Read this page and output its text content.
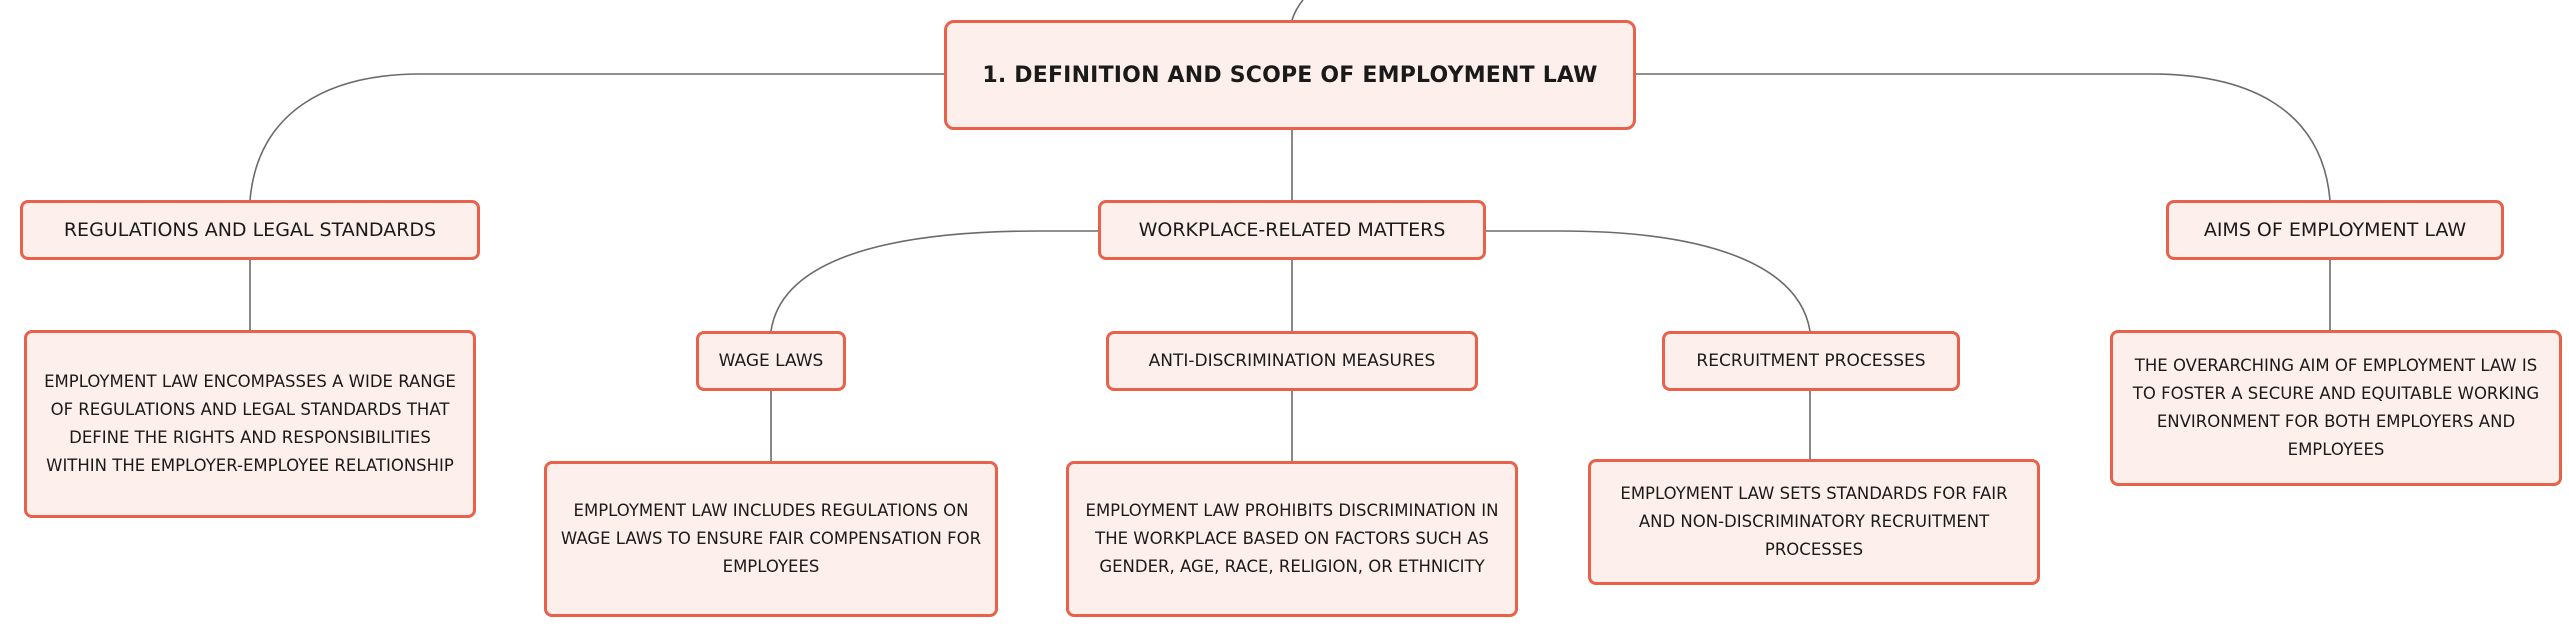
1. DEFINITION AND SCOPE OF EMPLOYMENT LAW
REGULATIONS AND LEGAL STANDARDS
EMPLOYMENT LAW ENCOMPASSES A WIDE RANGE OF REGULATIONS AND LEGAL STANDARDS THAT DEFINE THE RIGHTS AND RESPONSIBILITIES WITHIN THE EMPLOYER-EMPLOYEE RELATIONSHIP
WORKPLACE-RELATED MATTERS
WAGE LAWS
EMPLOYMENT LAW INCLUDES REGULATIONS ON WAGE LAWS TO ENSURE FAIR COMPENSATION FOR EMPLOYEES
ANTI-DISCRIMINATION MEASURES
EMPLOYMENT LAW PROHIBITS DISCRIMINATION IN THE WORKPLACE BASED ON FACTORS SUCH AS GENDER, AGE, RACE, RELIGION, OR ETHNICITY
RECRUITMENT PROCESSES
EMPLOYMENT LAW SETS STANDARDS FOR FAIR AND NON-DISCRIMINATORY RECRUITMENT PROCESSES
AIMS OF EMPLOYMENT LAW
THE OVERARCHING AIM OF EMPLOYMENT LAW IS TO FOSTER A SECURE AND EQUITABLE WORKING ENVIRONMENT FOR BOTH EMPLOYERS AND EMPLOYEES
